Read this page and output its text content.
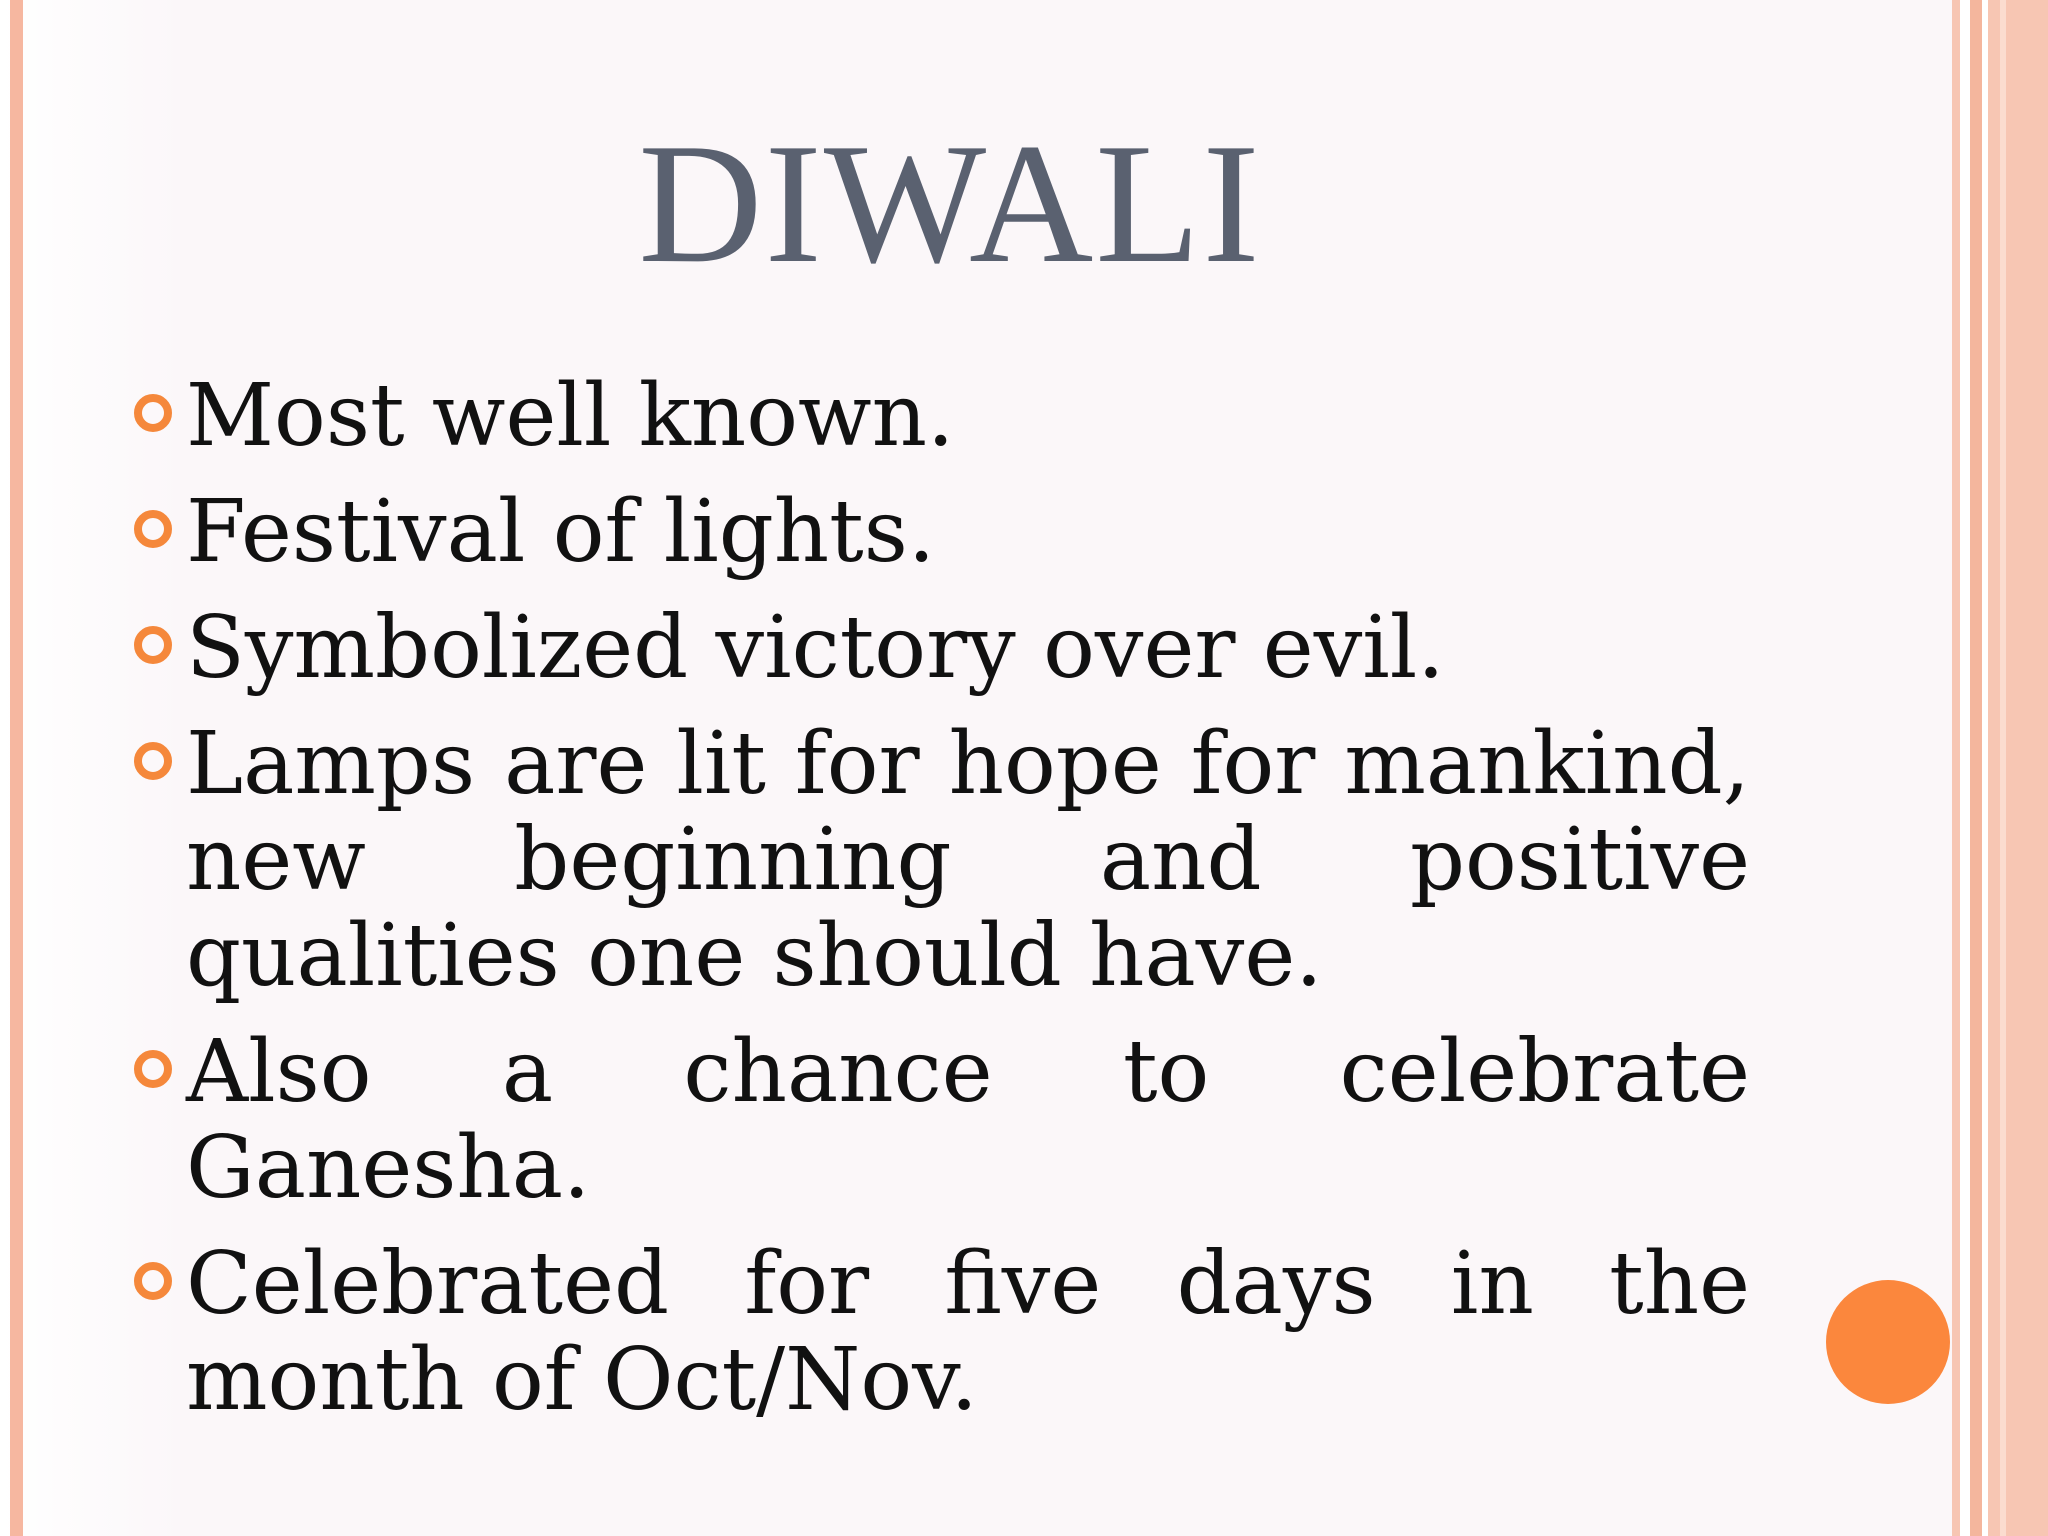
DIWALI
Most well known.
Festival of lights.
Symbolized victory over evil.
Lamps are lit for hope for mankind, new beginning and positive qualities one should have.
Also a chance to celebrate Ganesha.
Celebrated for five days in the month of Oct/Nov.
